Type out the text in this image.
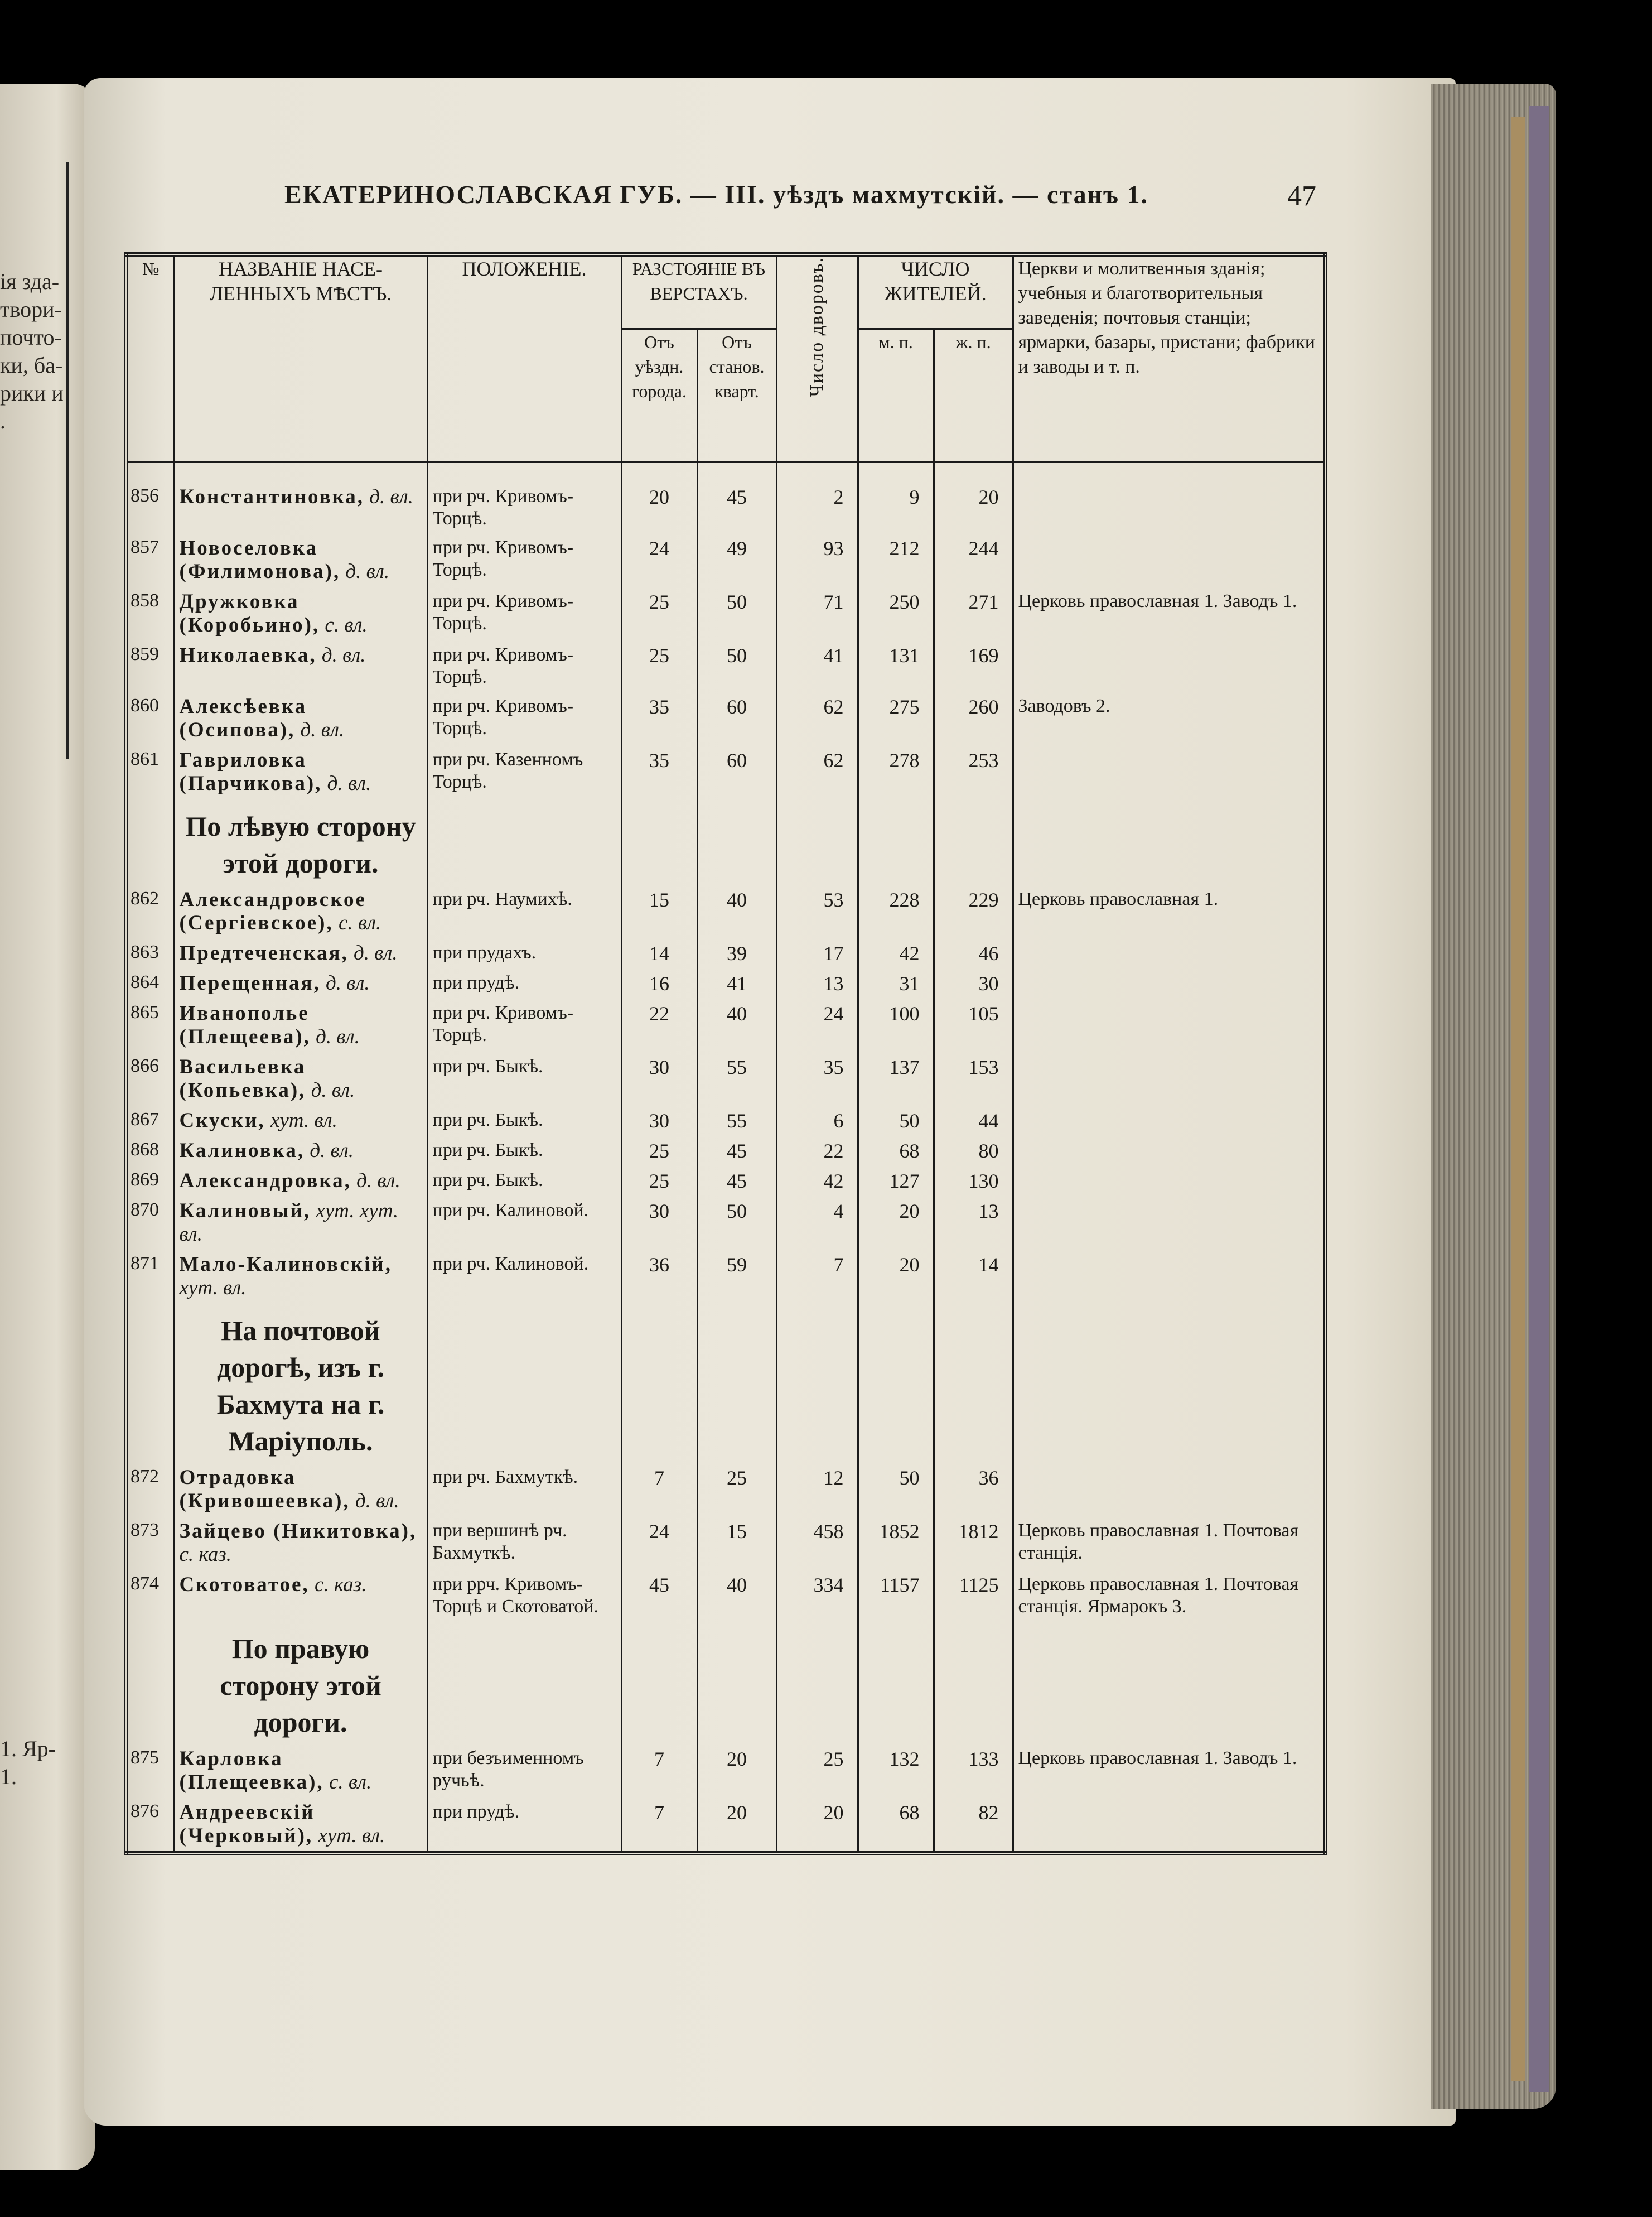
ія зда-
твори-
почто-
ки, ба-
рики и
.
1. Яр-
1.
ЕКАТЕРИНОСЛАВСКАЯ ГУБ. — III. уѣздъ махмутскій. — станъ 1.	47
№	НАЗВАНІЕ НАСЕ-ЛЕННЫХЪ МѢСТЪ.	ПОЛОЖЕНІЕ.	РАЗСТОЯНІЕ ВЪ ВЕРСТАХЪ.		Число дворовъ.	ЧИСЛО ЖИТЕЛЕЙ.		Церкви и молитвенныя зданія; учебныя и благотворительныя заведенія; почтовыя станціи; ярмарки, базары, пристани; фабрики и заводы и т. п.
			Отъ уѣздн. города.	Отъ станов. кварт.		м. п.	ж. п.	
856	Константиновка, д. вл.	при рч. Кривомъ-Торцѣ.	20	45	2	9	20	
857	Новоселовка (Филимонова), д. вл.	при рч. Кривомъ-Торцѣ.	24	49	93	212	244	
858	Дружковка (Коробьино), с. вл.	при рч. Кривомъ-Торцѣ.	25	50	71	250	271	Церковь православная 1. Заводъ 1.
859	Николаевка, д. вл.	при рч. Кривомъ-Торцѣ.	25	50	41	131	169	
860	Алексѣевка (Осипова), д. вл.	при рч. Кривомъ-Торцѣ.	35	60	62	275	260	Заводовъ 2.
861	Гавриловка (Парчикова), д. вл.	при рч. Казенномъ Торцѣ.	35	60	62	278	253	
	По лѣвую сторону этой дороги.							
862	Александровское (Сергіевское), с. вл.	при рч. Наумихѣ.	15	40	53	228	229	Церковь православная 1.
863	Предтеченская, д. вл.	при прудахъ.	14	39	17	42	46	
864	Перещенная, д. вл.	при прудѣ.	16	41	13	31	30	
865	Иванополье (Плещеева), д. вл.	при рч. Кривомъ-Торцѣ.	22	40	24	100	105	
866	Васильевка (Копьевка), д. вл.	при рч. Быкѣ.	30	55	35	137	153	
867	Скуски, хут. вл.	при рч. Быкѣ.	30	55	6	50	44	
868	Калиновка, д. вл.	при рч. Быкѣ.	25	45	22	68	80	
869	Александровка, д. вл.	при рч. Быкѣ.	25	45	42	127	130	
870	Калиновый, хут. хут. вл.	при рч. Калиновой.	30	50	4	20	13	
871	Мало-Калиновскій, хут. вл.	при рч. Калиновой.	36	59	7	20	14	
	На почтовой дорогѣ, изъ г. Бахмута на г. Маріуполь.							
872	Отрадовка (Кривошеевка), д. вл.	при рч. Бахмуткѣ.	7	25	12	50	36	
873	Зайцево (Никитовка), с. каз.	при вершинѣ рч. Бахмуткѣ.	24	15	458	1852	1812	Церковь православная 1. Почтовая станція.
874	Скотоватое, с. каз.	при ррч. Кривомъ-Торцѣ и Скотоватой.	45	40	334	1157	1125	Церковь православная 1. Почтовая станція. Ярмарокъ 3.
	По правую сторону этой дороги.							
875	Карловка (Плещеевка), с. вл.	при безъименномъ ручьѣ.	7	20	25	132	133	Церковь православная 1. Заводъ 1.
876	Андреевскій (Черковый), хут. вл.	при прудѣ.	7	20	20	68	82	
